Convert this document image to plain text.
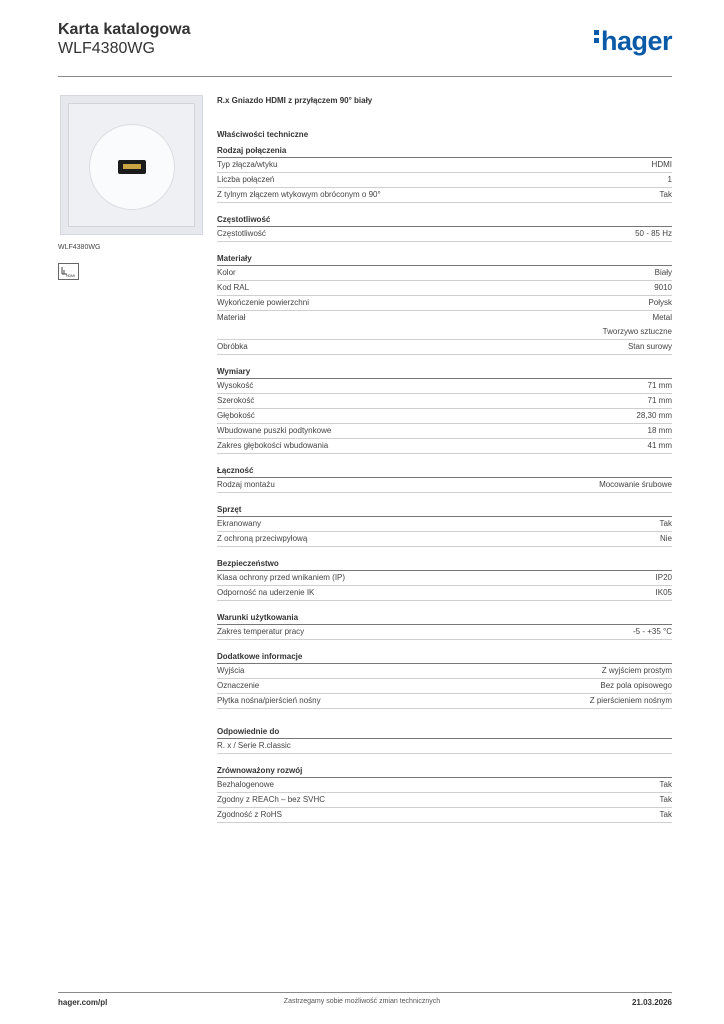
Karta katalogowa
WLF4380WG	hager
WLF4380WG
HDMI
R.x Gniazdo HDMI z przyłączem 90° biały
Właściwości techniczne
Rodzaj połączenia
Typ złącza/wtyku	HDMI
Liczba połączeń	1
Z tylnym złączem wtykowym obróconym o 90°	Tak
Częstotliwość
Częstotliwość	50 - 85 Hz
Materiały
Kolor	Biały
Kod RAL	9010
Wykończenie powierzchni	Połysk
Materiał	Metal
Tworzywo sztuczne
Obróbka	Stan surowy
Wymiary
Wysokość	71 mm
Szerokość	71 mm
Głębokość	28,30 mm
Wbudowane puszki podtynkowe	18 mm
Zakres głębokości wbudowania	41 mm
Łączność
Rodzaj montażu	Mocowanie śrubowe
Sprzęt
Ekranowany	Tak
Z ochroną przeciwpyłową	Nie
Bezpieczeństwo
Klasa ochrony przed wnikaniem (IP)	IP20
Odporność na uderzenie IK	IK05
Warunki użytkowania
Zakres temperatur pracy	-5 - +35 °C
Dodatkowe informacje
Wyjścia	Z wyjściem prostym
Oznaczenie	Bez pola opisowego
Płytka nośna/pierścień nośny	Z pierścieniem nośnym
Odpowiednie do
R. x / Serie R.classic
Zrównoważony rozwój
Bezhalogenowe	Tak
Zgodny z REACh – bez SVHC	Tak
Zgodność z RoHS	Tak
hager.com/pl	Zastrzegamy sobie możliwość zmian technicznych	21.03.2026
